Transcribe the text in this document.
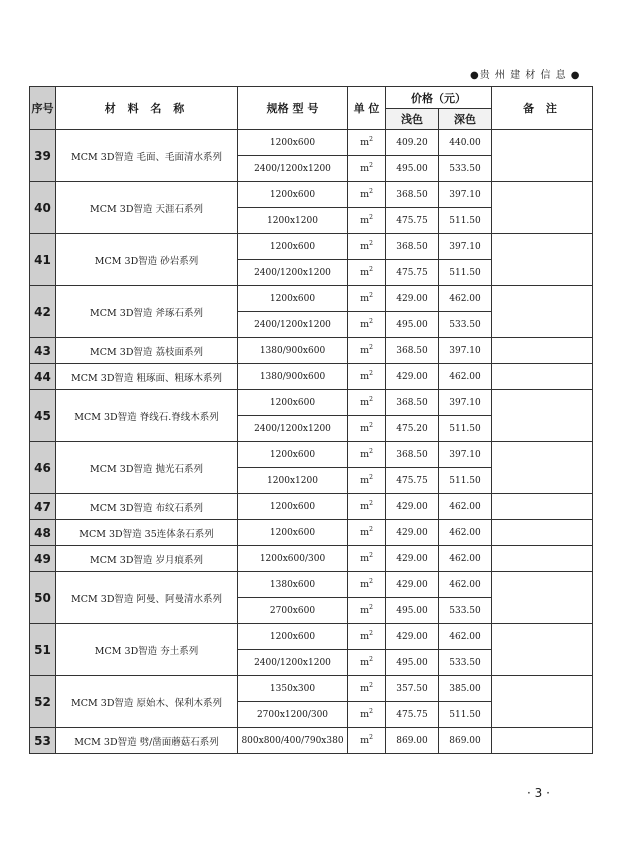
●贵 州 建 材 信 息 ●
序号	材 料 名 称	规格 型 号	单 位	价格（元）		备 注
				浅色	深色	
39	MCM 3D智造 毛面、毛面清水系列	1200x600	$m^2$	409.20	440.00	
		2400/1200x1200	$m^2$	495.00	533.50	
40	MCM 3D智造 天涯石系列	1200x600	$m^2$	368.50	397.10	
		1200x1200	$m^2$	475.75	511.50	
41	MCM 3D智造 砂岩系列	1200x600	$m^2$	368.50	397.10	
		2400/1200x1200	$m^2$	475.75	511.50	
42	MCM 3D智造 斧琢石系列	1200x600	$m^2$	429.00	462.00	
		2400/1200x1200	$m^2$	495.00	533.50	
43	MCM 3D智造 荔枝面系列	1380/900x600	$m^2$	368.50	397.10	
44	MCM 3D智造 粗琢面、粗琢木系列	1380/900x600	$m^2$	429.00	462.00	
45	MCM 3D智造 脊线石.脊线木系列	1200x600	$m^2$	368.50	397.10	
		2400/1200x1200	$m^2$	475.20	511.50	
46	MCM 3D智造 抛光石系列	1200x600	$m^2$	368.50	397.10	
		1200x1200	$m^2$	475.75	511.50	
47	MCM 3D智造 布纹石系列	1200x600	$m^2$	429.00	462.00	
48	MCM 3D智造 35连体条石系列	1200x600	$m^2$	429.00	462.00	
49	MCM 3D智造 岁月痕系列	1200x600/300	$m^2$	429.00	462.00	
50	MCM 3D智造 阿曼、阿曼清水系列	1380x600	$m^2$	429.00	462.00	
		2700x600	$m^2$	495.00	533.50	
51	MCM 3D智造 夯土系列	1200x600	$m^2$	429.00	462.00	
		2400/1200x1200	$m^2$	495.00	533.50	
52	MCM 3D智造 原始木、保利木系列	1350x300	$m^2$	357.50	385.00	
		2700x1200/300	$m^2$	475.75	511.50	
53	MCM 3D智造 劈/凿面蘑菇石系列	800x800/400/790x380	$m^2$	869.00	869.00	
· 3 ·
